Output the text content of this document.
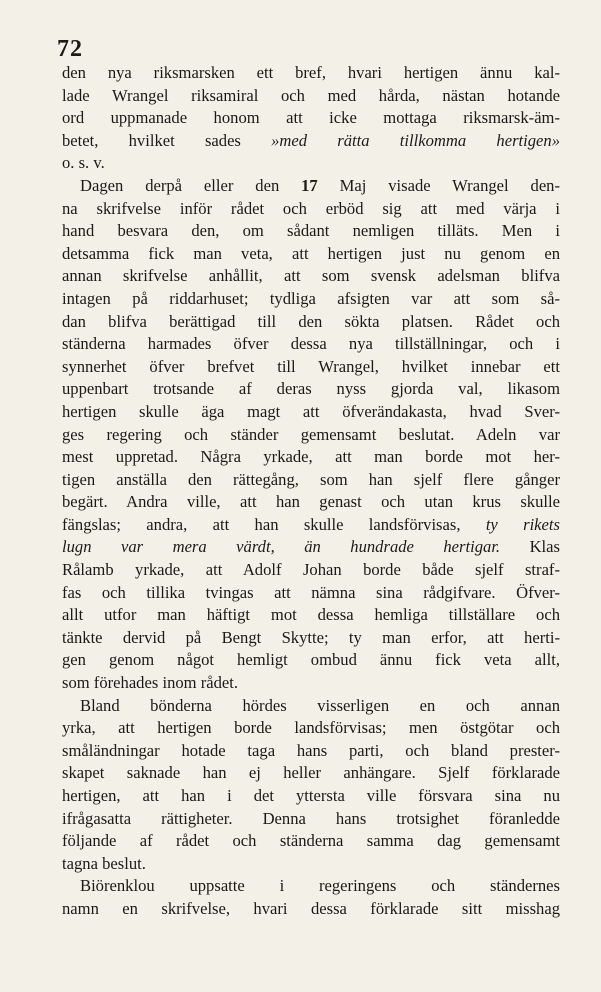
72
den nya riksmarsken ett bref, hvari hertigen ännu kal-
lade Wrangel riksamiral och med hårda, nästan hotande
ord uppmanade honom att icke mottaga riksmarsk-äm-
betet, hvilket sades »med rätta tillkomma hertigen»
o. s. v.
Dagen derpå eller den 17 Maj visade Wrangel den-
na skrifvelse inför rådet och erböd sig att med värja i
hand besvara den, om sådant nemligen tilläts. Men i
detsamma fick man veta, att hertigen just nu genom en
annan skrifvelse anhållit, att som svensk adelsman blifva
intagen på riddarhuset; tydliga afsigten var att som så-
dan blifva berättigad till den sökta platsen. Rådet och
ständerna harmades öfver dessa nya tillställningar, och i
synnerhet öfver brefvet till Wrangel, hvilket innebar ett
uppenbart trotsande af deras nyss gjorda val, likasom
hertigen skulle äga magt att öfverändakasta, hvad Sver-
ges regering och ständer gemensamt beslutat. Adeln var
mest uppretad. Några yrkade, att man borde mot her-
tigen anställa den rättegång, som han sjelf flere gånger
begärt. Andra ville, att han genast och utan krus skulle
fängslas; andra, att han skulle landsförvisas, ty rikets
lugn var mera värdt, än hundrade hertigar. Klas
Rålamb yrkade, att Adolf Johan borde både sjelf straf-
fas och tillika tvingas att nämna sina rådgifvare. Öfver-
allt utfor man häftigt mot dessa hemliga tillställare och
tänkte dervid på Bengt Skytte; ty man erfor, att herti-
gen genom något hemligt ombud ännu fick veta allt,
som förehades inom rådet.
Bland bönderna hördes visserligen en och annan
yrka, att hertigen borde landsförvisas; men östgötar och
småländningar hotade taga hans parti, och bland prester-
skapet saknade han ej heller anhängare. Sjelf förklarade
hertigen, att han i det yttersta ville försvara sina nu
ifrågasatta rättigheter. Denna hans trotsighet föranledde
följande af rådet och ständerna samma dag gemensamt
tagna beslut.
Biörenklou uppsatte i regeringens och ständernes
namn en skrifvelse, hvari dessa förklarade sitt misshag
